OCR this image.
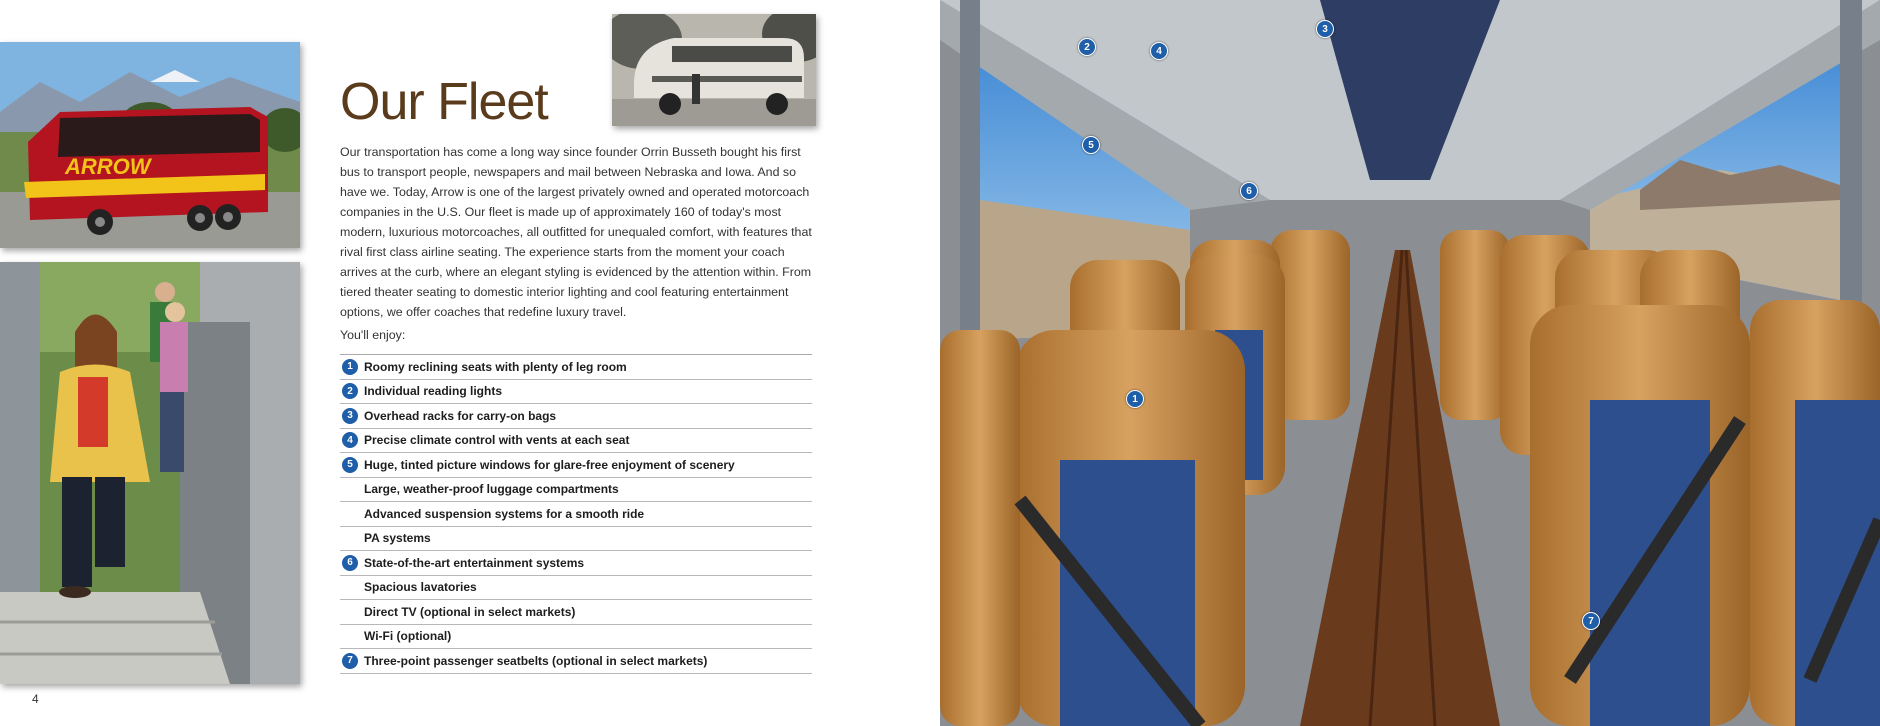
ARROW
Our Fleet

Our transportation has come a long way since founder Orrin Busseth bought his first bus to transport people, newspapers and mail between Nebraska and Iowa. And so have we. Today, Arrow is one of the largest privately owned and operated motorcoach companies in the U.S. Our fleet is made up of approximately 160 of today's most modern, luxurious motorcoaches, all outfitted for unequaled comfort, with features that rival first class airline seating. The experience starts from the moment your coach arrives at the curb, where an elegant styling is evidenced by the attention within. From tiered theater seating to domestic interior lighting and cool featuring entertainment options, we offer coaches that redefine luxury travel.

You'll enjoy:

1 Roomy reclining seats with plenty of leg room
2 Individual reading lights
3 Overhead racks for carry-on bags
4 Precise climate control with vents at each seat
5 Huge, tinted picture windows for glare-free enjoyment of scenery
Large, weather-proof luggage compartments
Advanced suspension systems for a smooth ride
PA systems
6 State-of-the-art entertainment systems
Spacious lavatories
Direct TV (optional in select markets)
Wi-Fi (optional)
7 Three-point passenger seatbelts (optional in select markets)

4

2	4
3
5
6
1
7
